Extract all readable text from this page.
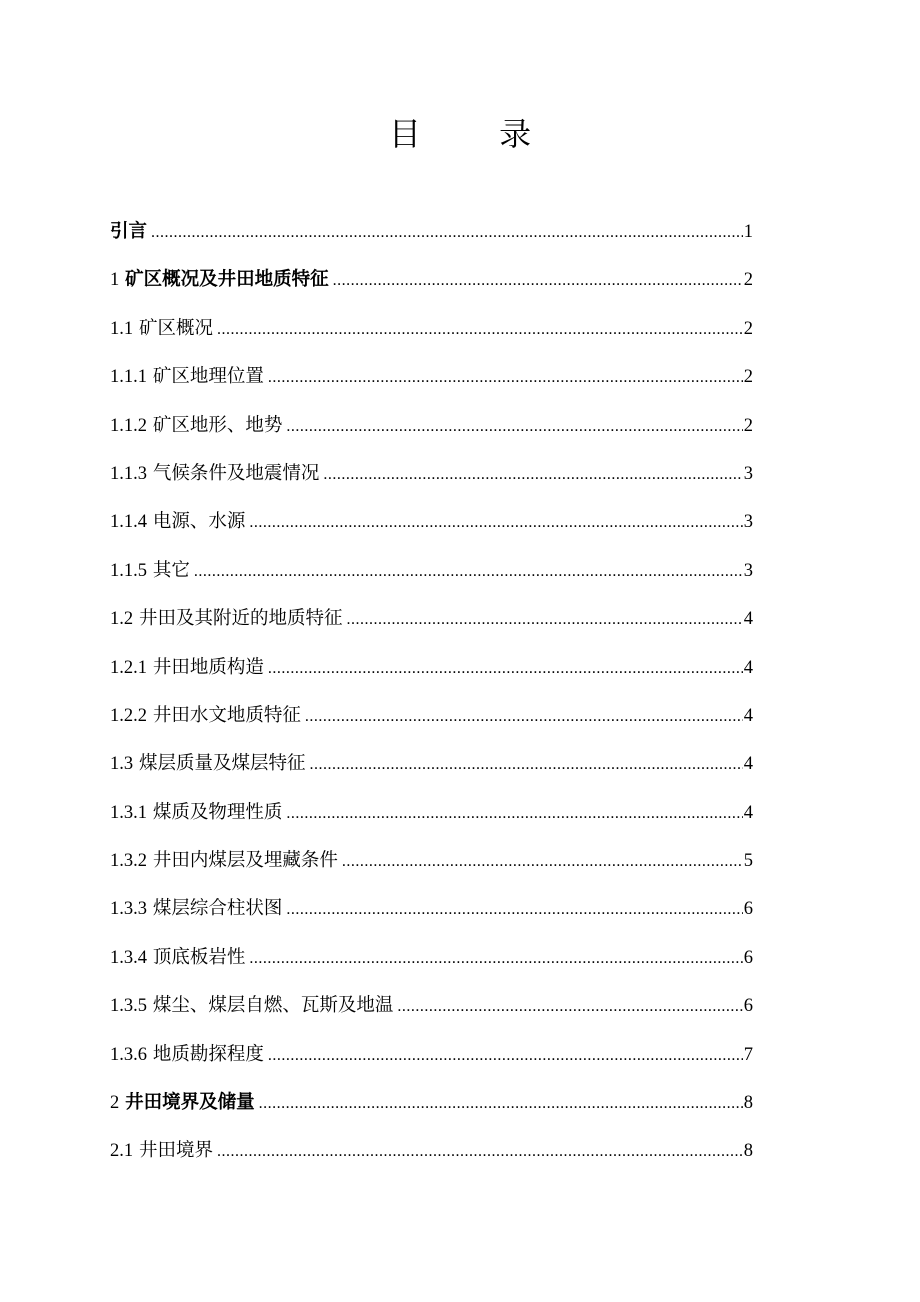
目 录
引言 .....	1
1 矿区概况及井田地质特征 .....	2
1.1 矿区概况 .....	2
1.1.1 矿区地理位置 .....	2
1.1.2 矿区地形、地势 .....	2
1.1.3 气候条件及地震情况 .....	3
1.1.4 电源、水源 .....	3
1.1.5 其它 .....	3
1.2 井田及其附近的地质特征 .....	4
1.2.1 井田地质构造 .....	4
1.2.2 井田水文地质特征 .....	4
1.3 煤层质量及煤层特征 .....	4
1.3.1 煤质及物理性质 .....	4
1.3.2 井田内煤层及埋藏条件 .....	5
1.3.3 煤层综合柱状图 .....	6
1.3.4 顶底板岩性 .....	6
1.3.5 煤尘、煤层自燃、瓦斯及地温 .....	6
1.3.6 地质勘探程度 .....	7
2 井田境界及储量 .....	8
2.1 井田境界 .....	8
